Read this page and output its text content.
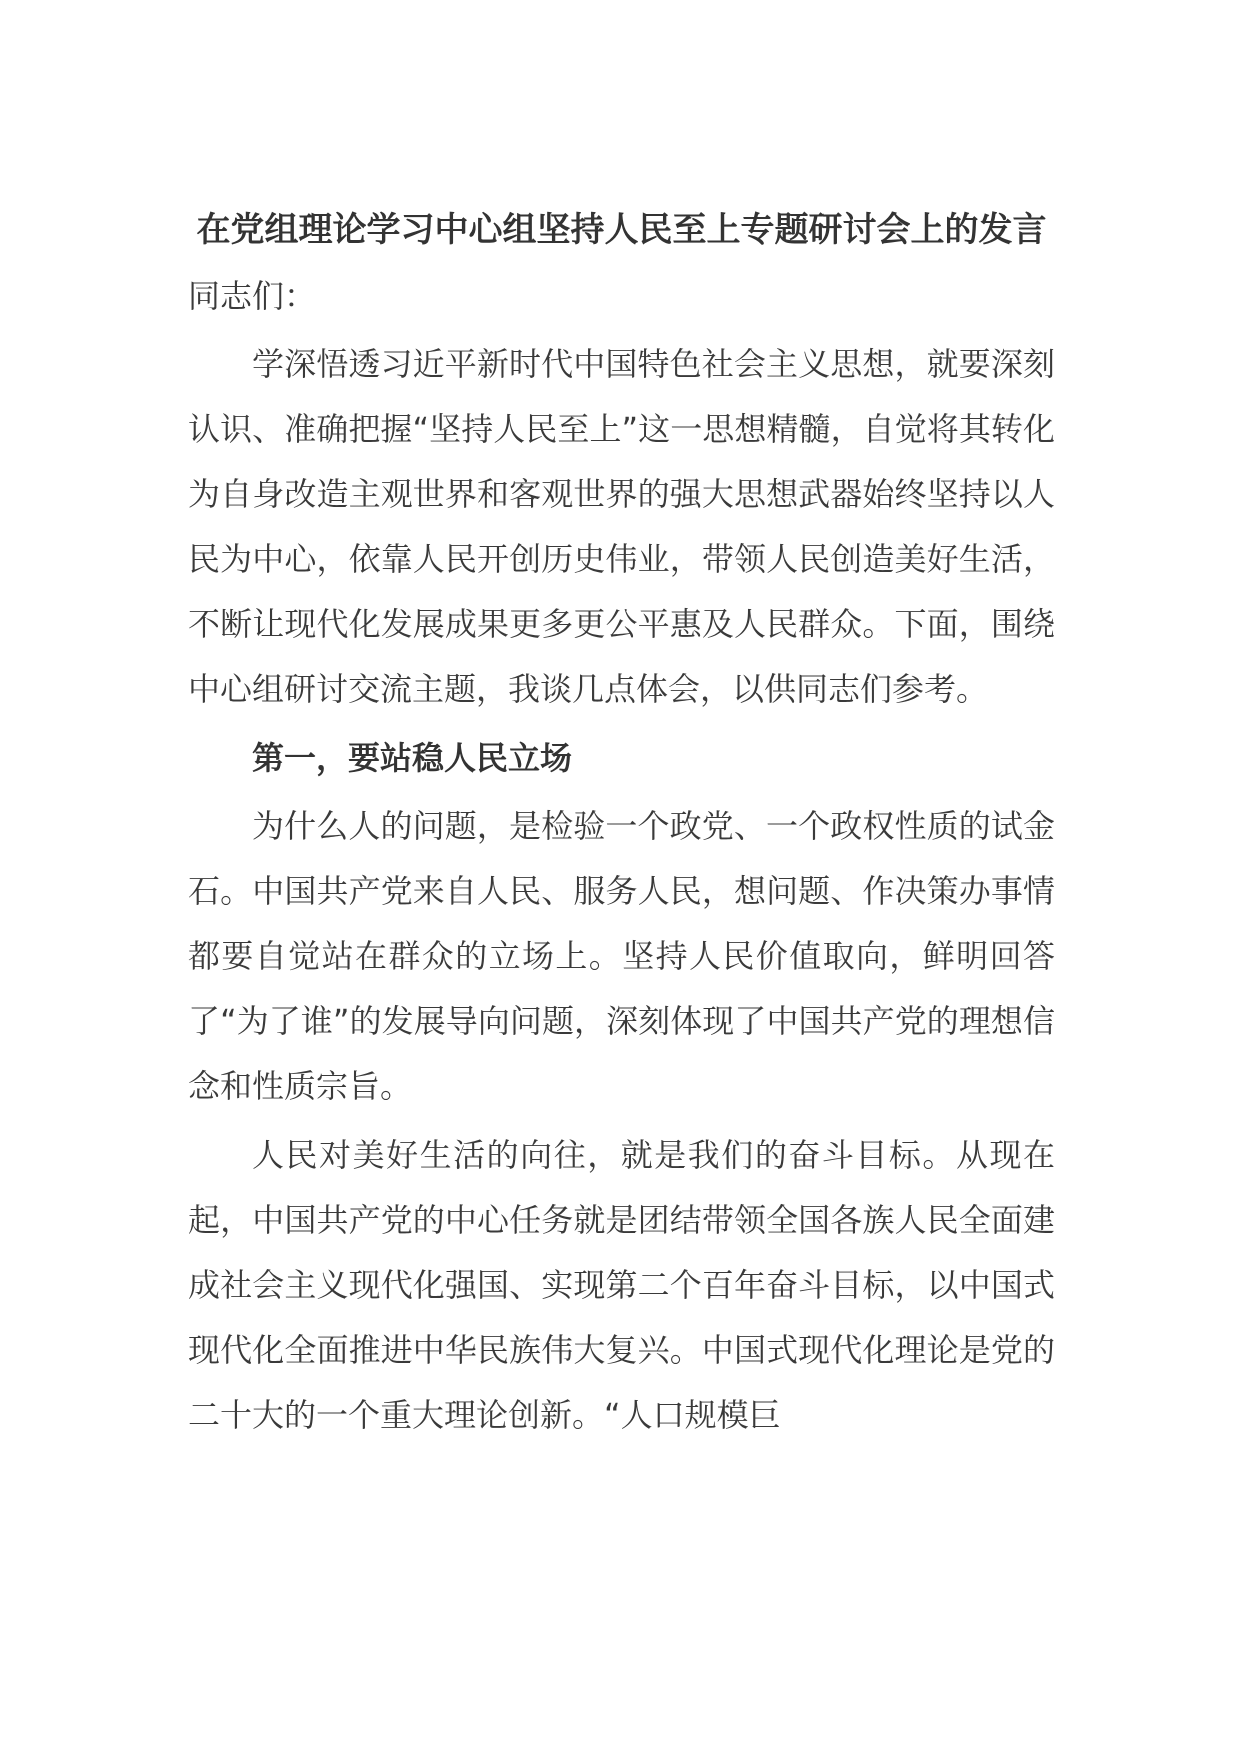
在党组理论学习中心组坚持人民至上专题研讨会上的发言

同志们：

学深悟透习近平新时代中国特色社会主义思想，就要深刻认识、准确把握“坚持人民至上”这一思想精髓，自觉将其转化为自身改造主观世界和客观世界的强大思想武器始终坚持以人民为中心，依靠人民开创历史伟业，带领人民创造美好生活，不断让现代化发展成果更多更公平惠及人民群众。下面，围绕中心组研讨交流主题，我谈几点体会，以供同志们参考。

第一，要站稳人民立场

为什么人的问题，是检验一个政党、一个政权性质的试金石。中国共产党来自人民、服务人民，想问题、作决策办事情都要自觉站在群众的立场上。坚持人民价值取向，鲜明回答了“为了谁”的发展导向问题，深刻体现了中国共产党的理想信念和性质宗旨。

人民对美好生活的向往，就是我们的奋斗目标。从现在起，中国共产党的中心任务就是团结带领全国各族人民全面建成社会主义现代化强国、实现第二个百年奋斗目标，以中国式现代化全面推进中华民族伟大复兴。中国式现代化理论是党的二十大的一个重大理论创新。“人口规模巨
